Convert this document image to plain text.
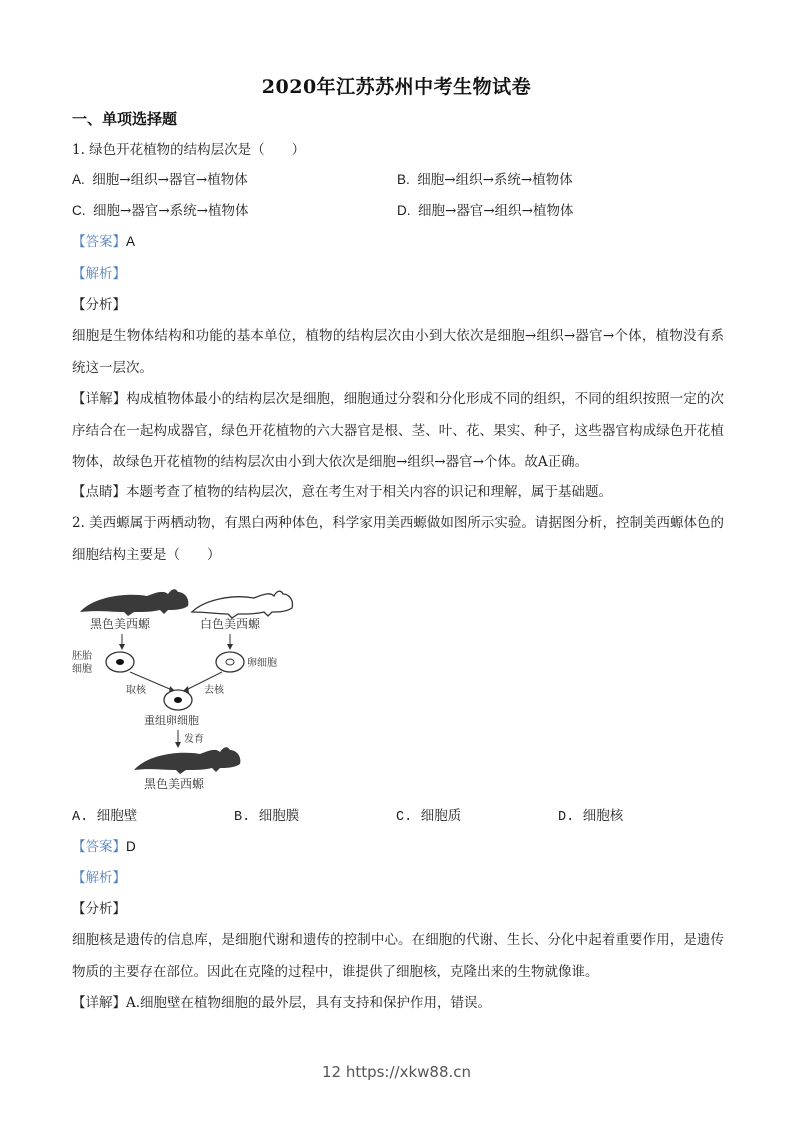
2020年江苏苏州中考生物试卷
一、单项选择题
1. 绿色开花植物的结构层次是（　　）
A. 细胞→组织→器官→植物体	B. 细胞→组织→系统→植物体
C. 细胞→器官→系统→植物体	D. 细胞→器官→组织→植物体
【答案】A
【解析】
【分析】
细胞是生物体结构和功能的基本单位，植物的结构层次由小到大依次是细胞→组织→器官→个体，植物没有系统这一层次。
【详解】构成植物体最小的结构层次是细胞，细胞通过分裂和分化形成不同的组织，不同的组织按照一定的次序结合在一起构成器官，绿色开花植物的六大器官是根、茎、叶、花、果实、种子，这些器官构成绿色开花植物体，故绿色开花植物的结构层次由小到大依次是细胞→组织→器官→个体。故A正确。
【点睛】本题考查了植物的结构层次，意在考生对于相关内容的识记和理解，属于基础题。
2. 美西螈属于两栖动物，有黑白两种体色，科学家用美西螈做如图所示实验。请据图分析，控制美西螈体色的细胞结构主要是（　　）
黑色美西螈	白色美西螈
胚胎
细胞
卵细胞
取核	去核
重组卵细胞
发育
黑色美西螈
A. 细胞壁	B. 细胞膜	C. 细胞质	D. 细胞核
【答案】D
【解析】
【分析】
细胞核是遗传的信息库，是细胞代谢和遗传的控制中心。在细胞的代谢、生长、分化中起着重要作用，是遗传物质的主要存在部位。因此在克隆的过程中，谁提供了细胞核，克隆出来的生物就像谁。
【详解】A.细胞壁在植物细胞的最外层，具有支持和保护作用，错误。
12 https://xkw88.cn
